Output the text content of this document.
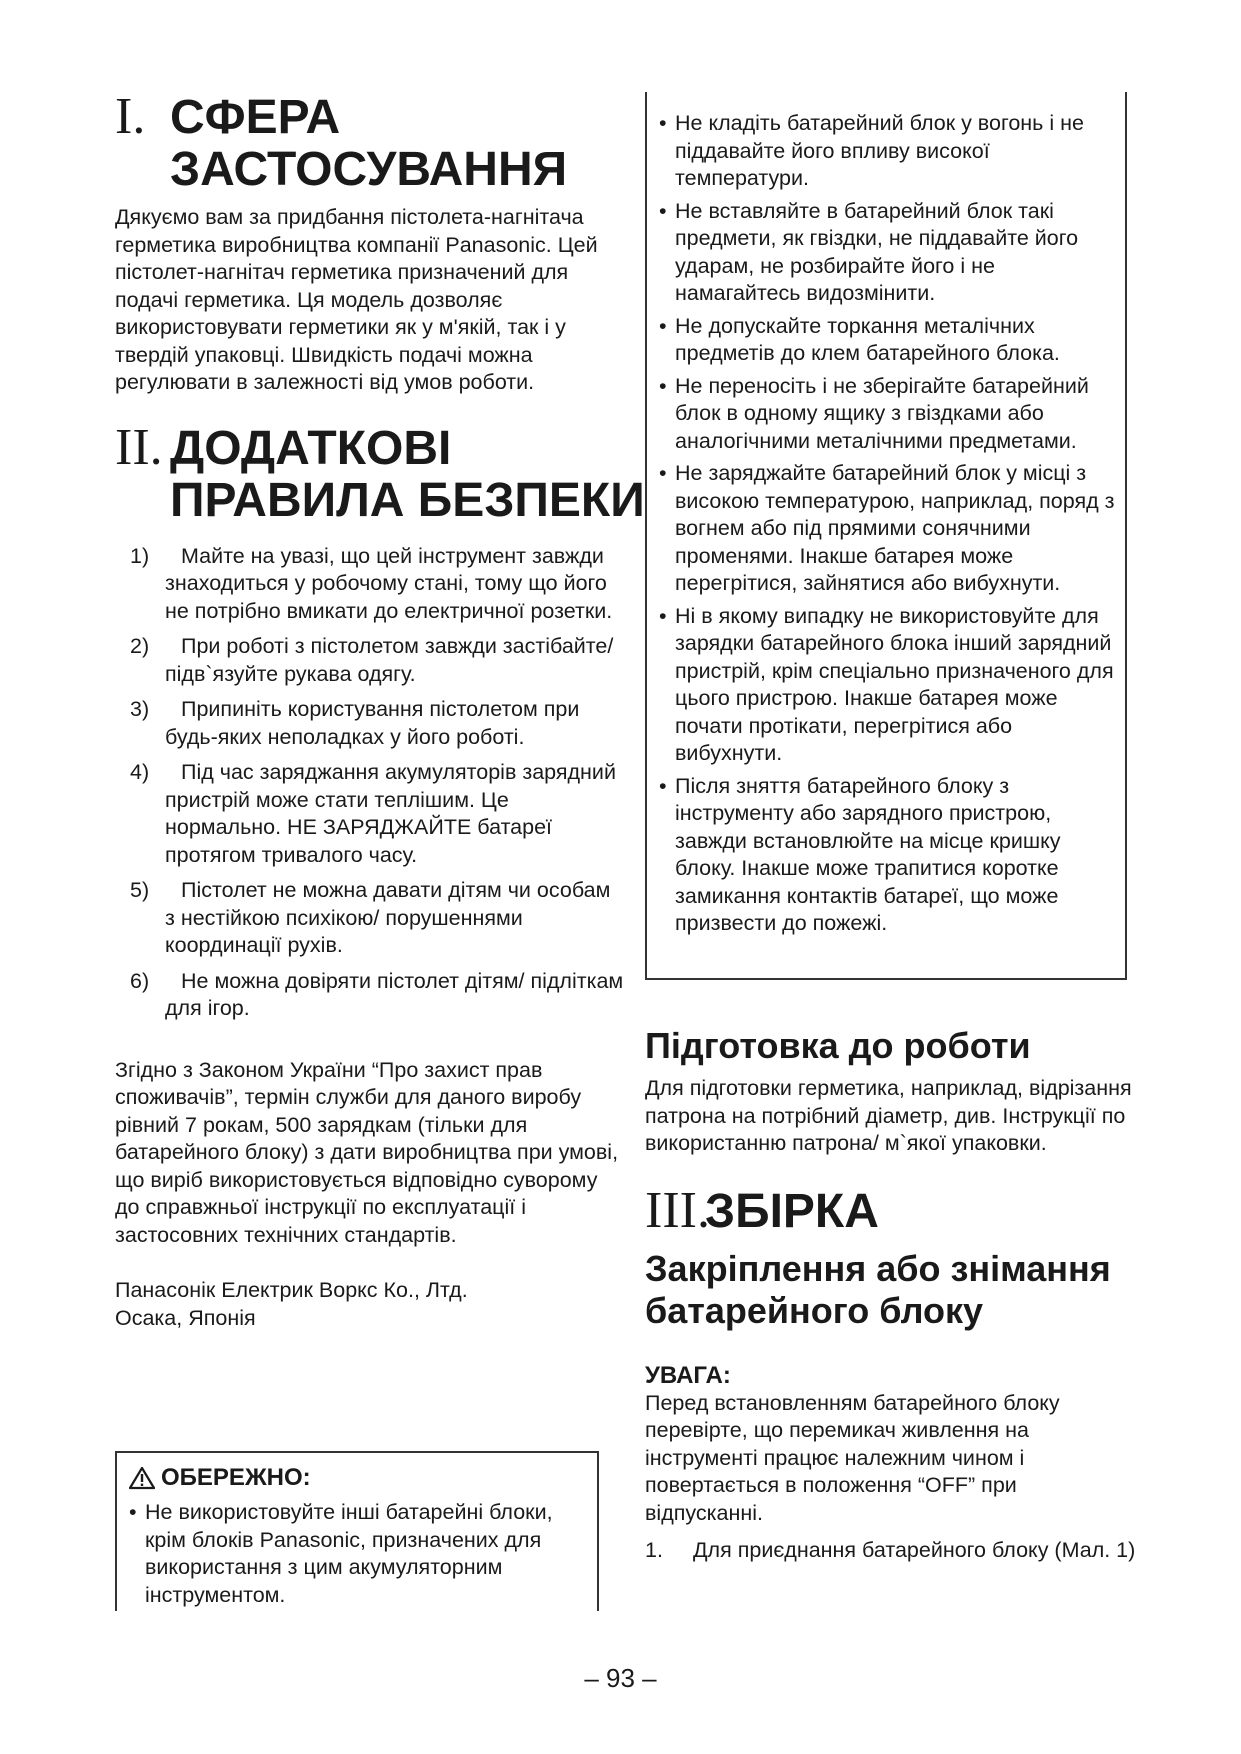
I. СФЕРА
ЗАСТОСУВАННЯ

Дякуємо вам за придбання пістолета-нагнітача герметика виробництва компанії Panasonic. Цей пістолет-нагнітач герметика призначений для подачі герметика. Ця модель дозволяє використовувати герметики як у м'якій, так і у твердій упаковці. Швидкість подачі можна регулювати в залежності від умов роботи.

II. ДОДАТКОВІ
ПРАВИЛА БЕЗПЕКИ
1)	Майте на увазі, що цей інструмент завжди знаходиться у робочому стані, тому що його не потрібно вмикати до електричної розетки.
2)	При роботі з пістолетом завжди застібайте/підв`язуйте рукава одягу.
3)	Припиніть користування пістолетом при будь-яких неполадках у його роботі.
4)	Під час заряджання акумуляторів зарядний пристрій може стати теплішим. Це нормально. НЕ ЗАРЯДЖАЙТЕ батареї протягом тривалого часу.
5)	Пістолет не можна давати дітям чи особам з нестійкою психікою/ порушеннями координації рухів.
6)	Не можна довіряти пістолет дітям/ підліткам для ігор.

Згідно з Законом України “Про захист прав споживачів”, термін служби для даного виробу рівний 7 рокам, 500 зарядкам (тільки для батарейного блоку) з дати виробництва при умові, що виріб використовується відповідно суворому до справжньої інструкції по експлуатації і застосовних технічних стандартів.

Панасонік Електрик Воркс Ко., Лтд.
Осака, Японія
ОБЕРЕЖНО:
• Не використовуйте інші батарейні блоки, крім блоків Panasonic, призначених для використання з цим акумуляторним інструментом.
• Не кладіть батарейний блок у вогонь і не піддавайте його впливу високої температури.
• Не вставляйте в батарейний блок такі предмети, як гвіздки, не піддавайте його ударам, не розбирайте його і не намагайтесь видозмінити.
• Не допускайте торкання металічних предметів до клем батарейного блока.
• Не переносіть і не зберігайте батарейний блок в одному ящику з гвіздками або аналогічними металічними предметами.
• Не заряджайте батарейний блок у місці з високою температурою, наприклад, поряд з вогнем або під прямими сонячними променями. Інакше батарея може перегрітися, зайнятися або вибухнути.
• Ні в якому випадку не використовуйте для зарядки батарейного блока інший зарядний пристрій, крім спеціально призначеного для цього пристрою. Інакше батарея може почати протікати, перегрітися або вибухнути.
• Після зняття батарейного блоку з інструменту або зарядного пристрою, завжди встановлюйте на місце кришку блоку. Інакше може трапитися коротке замикання контактів батареї, що може призвести до пожежі.
Підготовка до роботи

Для підготовки герметика, наприклад, відрізання патрона на потрібний діаметр, див. Інструкції по використанню патрона/ м`якої упаковки.

III.
ЗБІРКА
Закріплення або знімання
батарейного блоку
УВАГА:

Перед встановленням батарейного блоку перевірте, що перемикач живлення на інструменті працює належним чином і повертається в положення “OFF” при відпусканні.

1. Для приєднання батарейного блоку (Мал. 1)
– 93 –
